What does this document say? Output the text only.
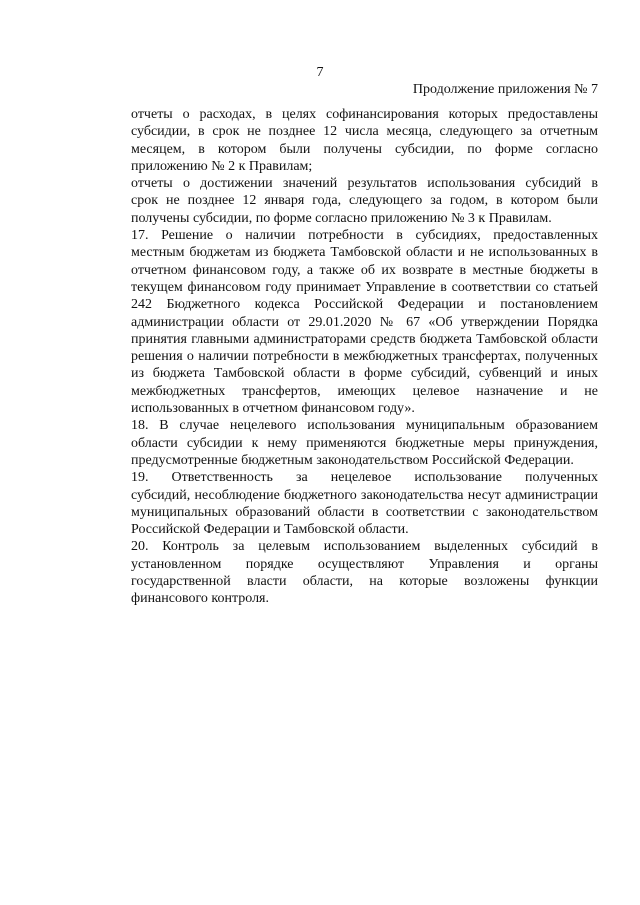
7
Продолжение приложения № 7
отчеты о расходах, в целях софинансирования которых предоставлены
субсидии, в срок не позднее 12 числа месяца, следующего за отчетным
месяцем, в котором были получены субсидии, по форме согласно
приложению № 2 к Правилам;
отчеты о достижении значений результатов использования субсидий в
срок не позднее 12 января года, следующего за годом, в котором были
получены субсидии, по форме согласно приложению № 3 к Правилам.
17. Решение о наличии потребности в субсидиях, предоставленных
местным бюджетам из бюджета Тамбовской области и не использованных в
отчетном финансовом году, а также об их возврате в местные бюджеты в
текущем финансовом году принимает Управление в соответствии со статьей
242 Бюджетного кодекса Российской Федерации и постановлением
администрации области от 29.01.2020 № 67 «Об утверждении Порядка
принятия главными администраторами средств бюджета Тамбовской области
решения о наличии потребности в межбюджетных трансфертах, полученных
из бюджета Тамбовской области в форме субсидий, субвенций и иных
межбюджетных трансфертов, имеющих целевое назначение и не
использованных в отчетном финансовом году».
18. В случае нецелевого использования муниципальным образованием
области субсидии к нему применяются бюджетные меры принуждения,
предусмотренные бюджетным законодательством Российской Федерации.
19. Ответственность за нецелевое использование полученных
субсидий, несоблюдение бюджетного законодательства несут администрации
муниципальных образований области в соответствии с законодательством
Российской Федерации и Тамбовской области.
20. Контроль за целевым использованием выделенных субсидий в
установленном порядке осуществляют Управления и органы
государственной власти области, на которые возложены функции
финансового контроля.
